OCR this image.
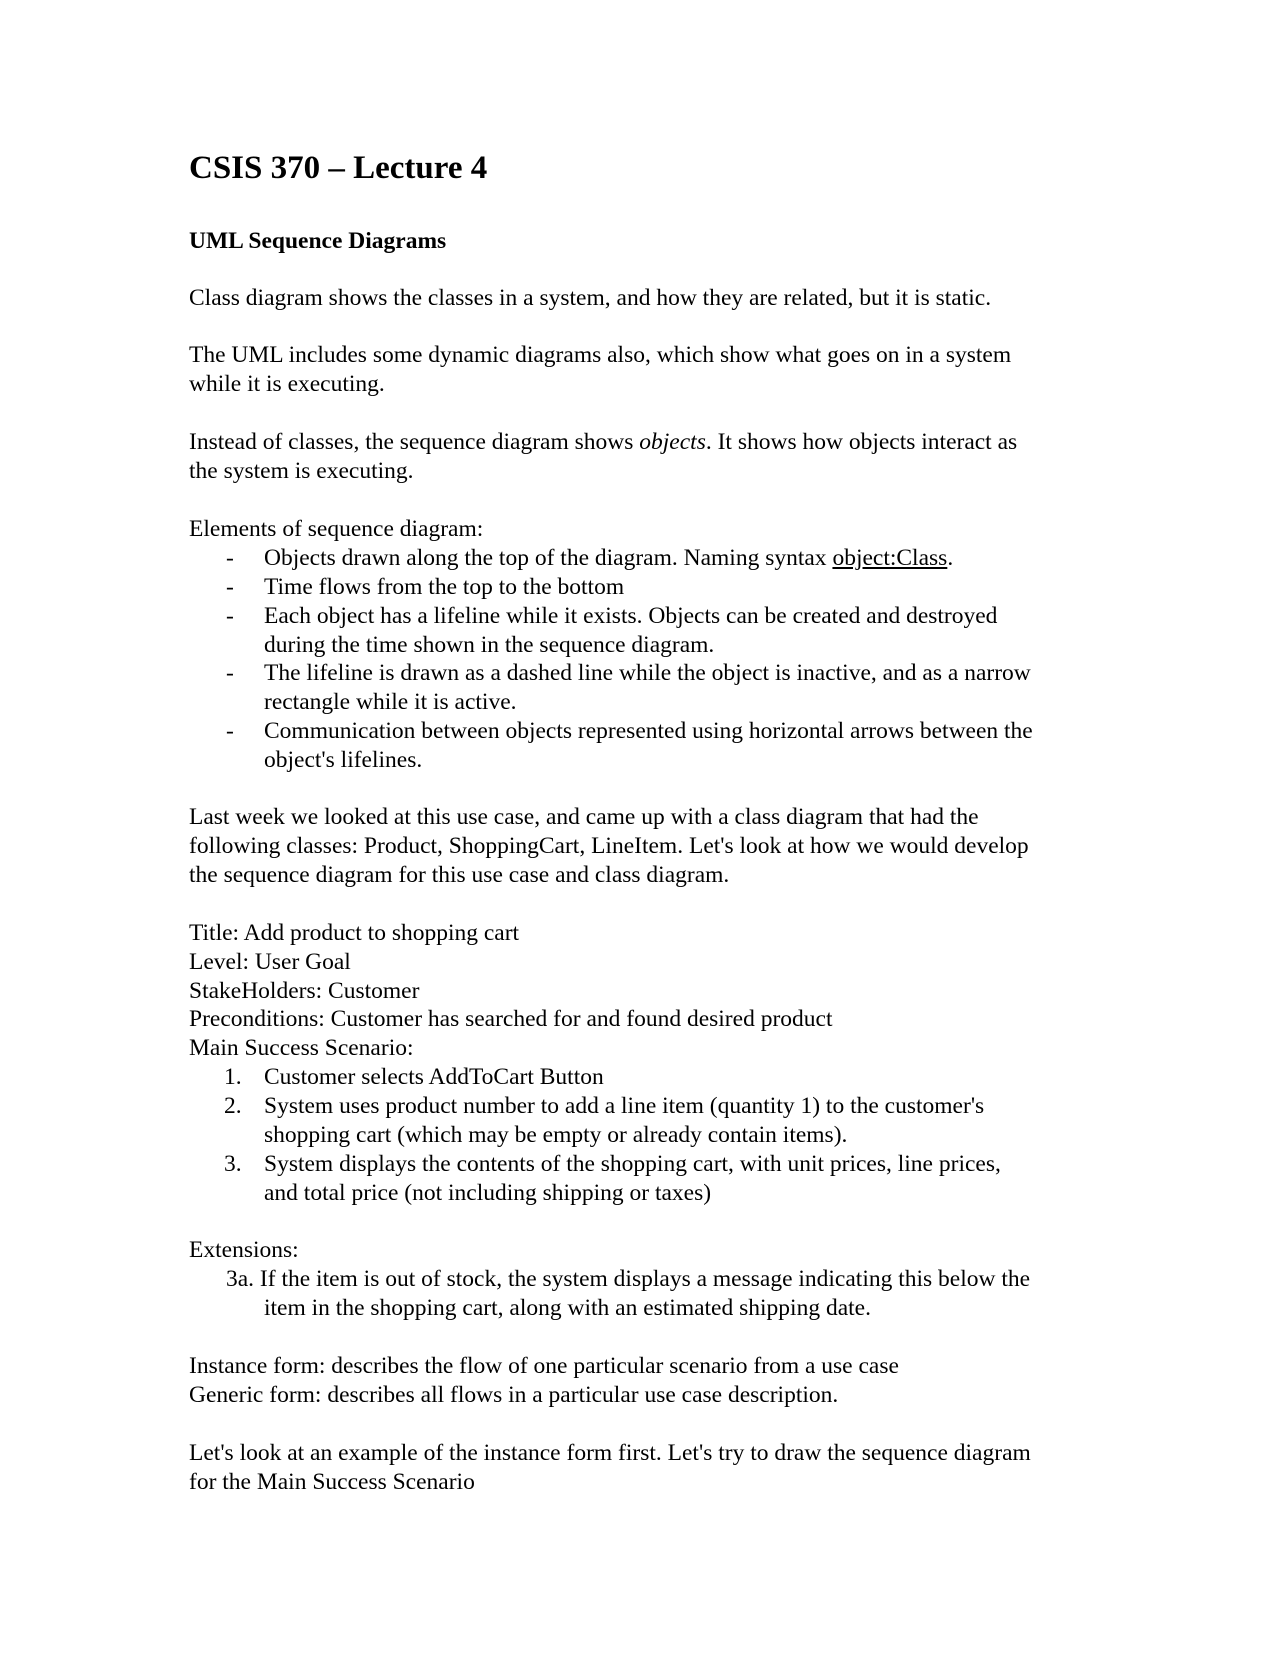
CSIS 370 – Lecture 4
UML Sequence Diagrams
Class diagram shows the classes in a system, and how they are related, but it is static.
The UML includes some dynamic diagrams also, which show what goes on in a system
while it is executing.
Instead of classes, the sequence diagram shows objects. It shows how objects interact as
the system is executing.
Elements of sequence diagram:
- Objects drawn along the top of the diagram. Naming syntax object:Class.
- Time flows from the top to the bottom
- Each object has a lifeline while it exists. Objects can be created and destroyed
during the time shown in the sequence diagram.
- The lifeline is drawn as a dashed line while the object is inactive, and as a narrow
rectangle while it is active.
- Communication between objects represented using horizontal arrows between the
object's lifelines.
Last week we looked at this use case, and came up with a class diagram that had the
following classes: Product, ShoppingCart, LineItem. Let's look at how we would develop
the sequence diagram for this use case and class diagram.
Title: Add product to shopping cart
Level: User Goal
StakeHolders: Customer
Preconditions: Customer has searched for and found desired product
Main Success Scenario:
1. Customer selects AddToCart Button
2. System uses product number to add a line item (quantity 1) to the customer's
shopping cart (which may be empty or already contain items).
3. System displays the contents of the shopping cart, with unit prices, line prices,
and total price (not including shipping or taxes)
Extensions:
3a. If the item is out of stock, the system displays a message indicating this below the
item in the shopping cart, along with an estimated shipping date.
Instance form: describes the flow of one particular scenario from a use case
Generic form: describes all flows in a particular use case description.
Let's look at an example of the instance form first. Let's try to draw the sequence diagram
for the Main Success Scenario
